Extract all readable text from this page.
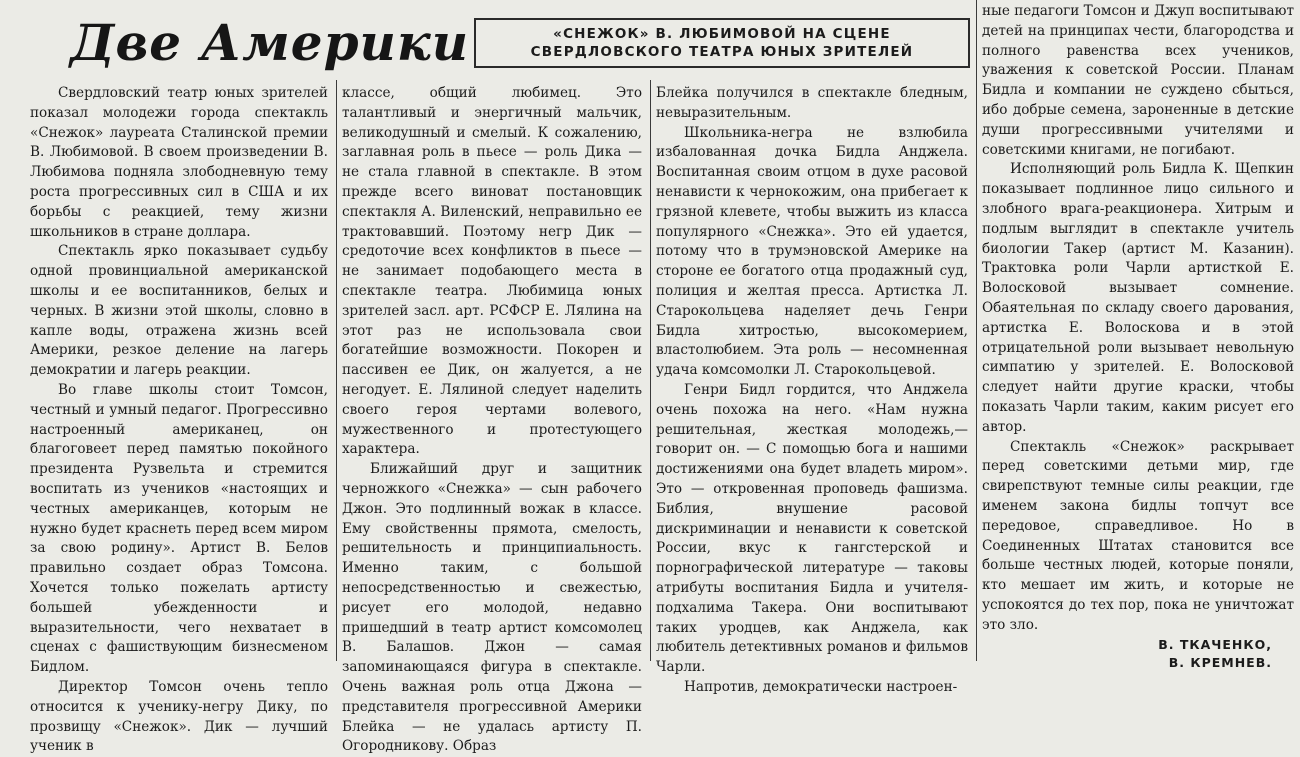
Две Америки	«СНЕЖОК» В. ЛЮБИМОВОЙ НА СЦЕНЕ
СВЕРДЛОВСКОГО ТЕАТРА ЮНЫХ ЗРИТЕЛЕЙ

Свердловский театр юных зрителей показал молодежи города спектакль «Снежок» лауреата Сталинской премии В. Любимовой. В своем произведении В. Любимова подняла злободневную тему роста прогрессивных сил в США и их борьбы с реакцией, тему жизни школьников в стране доллара.

Спектакль ярко показывает судьбу одной провинциальной американской школы и ее воспитанников, белых и черных. В жизни этой школы, словно в капле воды, отражена жизнь всей Америки, резкое деление на лагерь демократии и лагерь реакции.

Во главе школы стоит Томсон, честный и умный педагог. Прогрессивно настроенный американец, он благоговеет перед памятью покойного президента Рузвельта и стремится воспитать из учеников «настоящих и честных американцев, которым не нужно будет краснеть перед всем миром за свою родину». Артист В. Белов правильно создает образ Томсона. Хочется только пожелать артисту большей убежденности и выразительности, чего нехватает в сценах с фашиствующим бизнесменом Бидлом.

Директор Томсон очень тепло относится к ученику-негру Дику, по прозвищу «Снежок». Дик — лучший ученик в

классе, общий любимец. Это талантливый и энергичный мальчик, великодушный и смелый. К сожалению, заглавная роль в пьесе — роль Дика — не стала главной в спектакле. В этом прежде всего виноват постановщик спектакля А. Виленский, неправильно ее трактовавший. Поэтому негр Дик — средоточие всех конфликтов в пьесе — не занимает подобающего места в спектакле театра. Любимица юных зрителей засл. арт. РСФСР Е. Лялина на этот раз не использовала свои богатейшие возможности. Покорен и пассивен ее Дик, он жалуется, а не негодует. Е. Лялиной следует наделить своего героя чертами волевого, мужественного и протестующего характера.

Ближайший друг и защитник черножкого «Снежка» — сын рабочего Джон. Это подлинный вожак в классе. Ему свойственны прямота, смелость, решительность и принципиальность. Именно таким, с большой непосредственностью и свежестью, рисует его молодой, недавно пришедший в театр артист комсомолец В. Балашов. Джон — самая запоминающаяся фигура в спектакле. Очень важная роль отца Джона — представителя прогрессивной Америки Блейка — не удалась артисту П. Огородникову. Образ

Блейка получился в спектакле бледным, невыразительным.

Школьника-негра не взлюбила избалованная дочка Бидла Анджела. Воспитанная своим отцом в духе расовой ненависти к чернокожим, она прибегает к грязной клевете, чтобы выжить из класса популярного «Снежка». Это ей удается, потому что в трумэновской Америке на стороне ее богатого отца продажный суд, полиция и желтая пресса. Артистка Л. Старокольцева наделяет дечь Генри Бидла хитростью, высокомерием, властолюбием. Эта роль — несомненная удача комсомолки Л. Старокольцевой.

Генри Бидл гордится, что Анджела очень похожа на него. «Нам нужна решительная, жесткая молодежь,— говорит он. — С помощью бога и нашими достижениями она будет владеть миром». Это — откровенная проповедь фашизма. Библия, внушение расовой дискриминации и ненависти к советской России, вкус к гангстерской и порнографической литературе — таковы атрибуты воспитания Бидла и учителя-подхалима Такера. Они воспитывают таких уродцев, как Анджела, как любитель детективных романов и фильмов Чарли.

Напротив, демократически настроен-

ные педагоги Томсон и Джуп воспитывают детей на принципах чести, благородства и полного равенства всех учеников, уважения к советской России. Планам Бидла и компании не суждено сбыться, ибо добрые семена, зароненные в детские души прогрессивными учителями и советскими книгами, не погибают.

Исполняющий роль Бидла К. Щепкин показывает подлинное лицо сильного и злобного врага-реакционера. Хитрым и подлым выглядит в спектакле учитель биологии Такер (артист М. Казанин). Трактовка роли Чарли артисткой Е. Волосковой вызывает сомнение. Обаятельная по складу своего дарования, артистка Е. Волоскова и в этой отрицательной роли вызывает невольную симпатию у зрителей. Е. Волосковой следует найти другие краски, чтобы показать Чарли таким, каким рисует его автор.

Спектакль «Снежок» раскрывает перед советскими детьми мир, где свирепствуют темные силы реакции, где именем закона бидлы топчут все передовое, справедливое. Но в Соединенных Штатах становится все больше честных людей, которые поняли, кто мешает им жить, и которые не успокоятся до тех пор, пока не уничтожат это зло.

В. ТКАЧЕНКО,
В. КРЕМНЕВ.
